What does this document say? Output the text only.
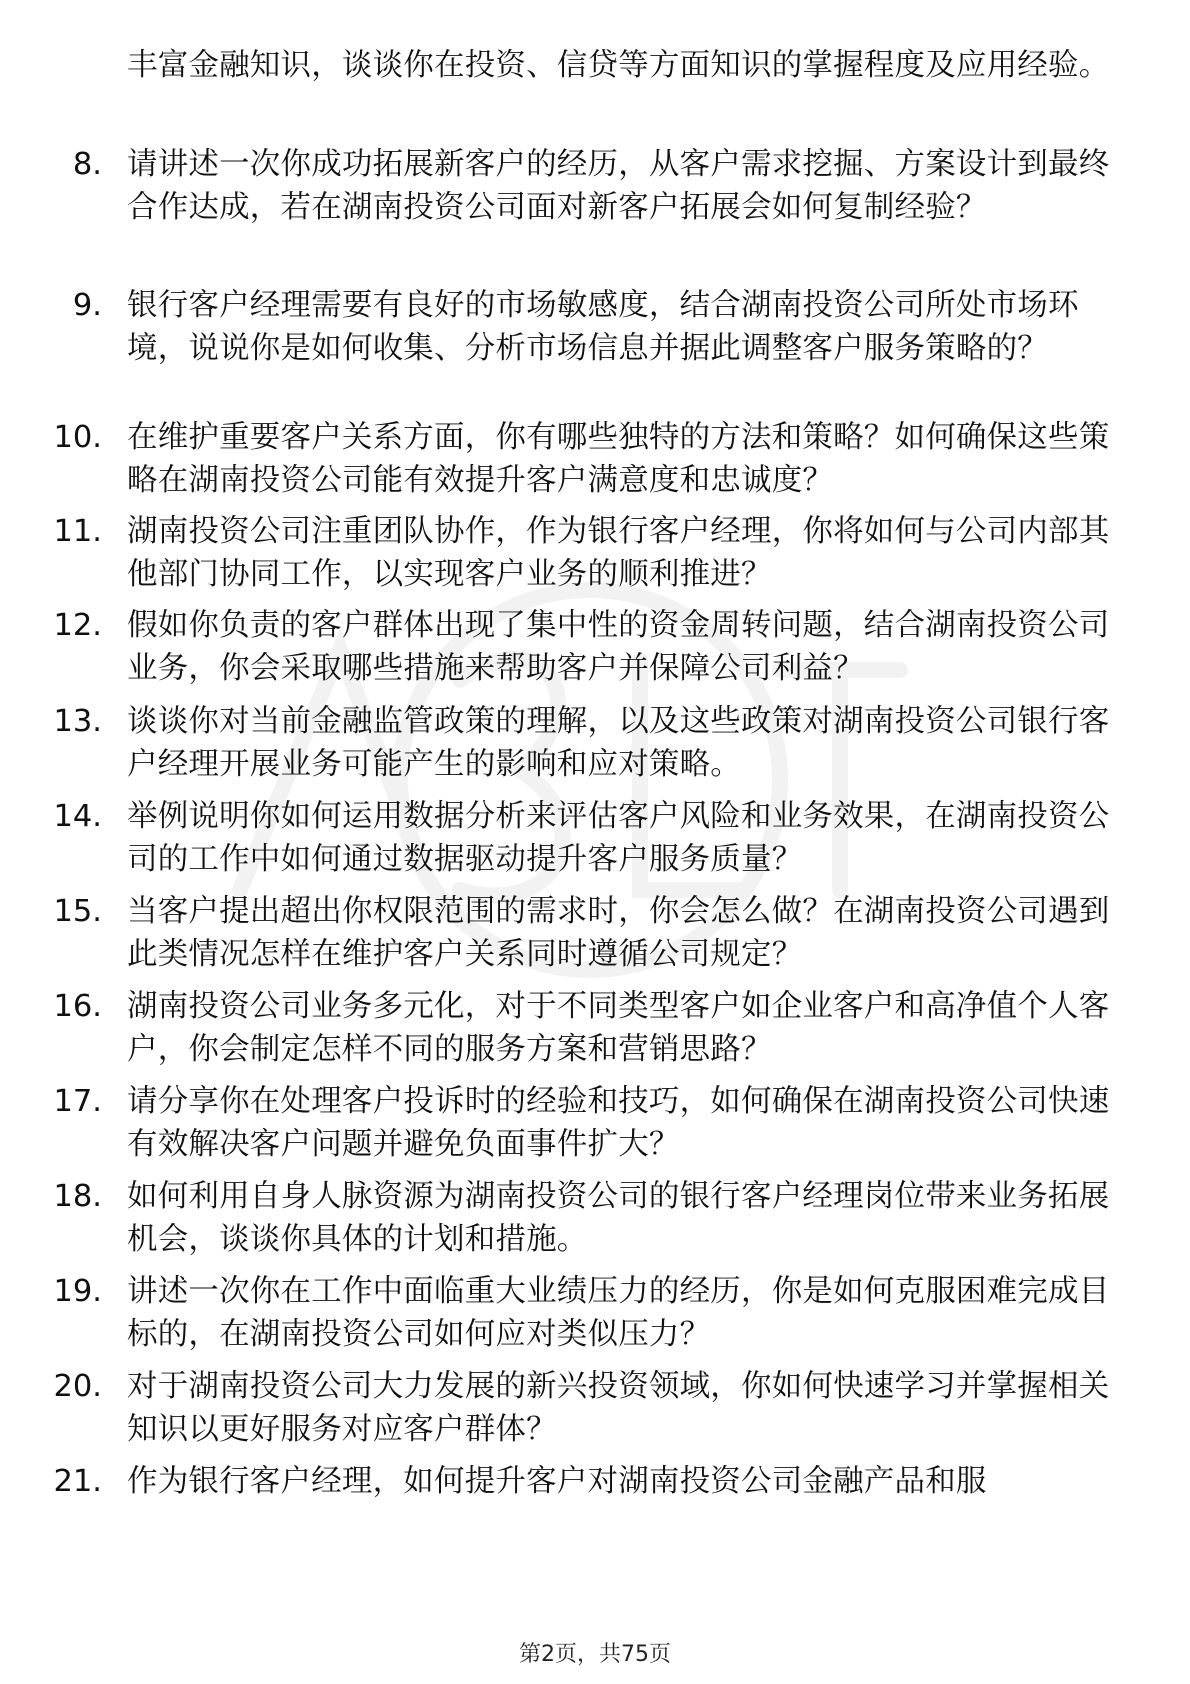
丰富金融知识，谈谈你在投资、信贷等方面知识的掌握程度及应用经验。
8. 请讲述一次你成功拓展新客户的经历，从客户需求挖掘、方案设计到最终合作达成，若在湖南投资公司面对新客户拓展会如何复制经验？
9. 银行客户经理需要有良好的市场敏感度，结合湖南投资公司所处市场环境，说说你是如何收集、分析市场信息并据此调整客户服务策略的？
10. 在维护重要客户关系方面，你有哪些独特的方法和策略？如何确保这些策略在湖南投资公司能有效提升客户满意度和忠诚度？
11. 湖南投资公司注重团队协作，作为银行客户经理，你将如何与公司内部其他部门协同工作，以实现客户业务的顺利推进？
12. 假如你负责的客户群体出现了集中性的资金周转问题，结合湖南投资公司业务，你会采取哪些措施来帮助客户并保障公司利益？
13. 谈谈你对当前金融监管政策的理解，以及这些政策对湖南投资公司银行客户经理开展业务可能产生的影响和应对策略。
14. 举例说明你如何运用数据分析来评估客户风险和业务效果，在湖南投资公司的工作中如何通过数据驱动提升客户服务质量？
15. 当客户提出超出你权限范围的需求时，你会怎么做？在湖南投资公司遇到此类情况怎样在维护客户关系同时遵循公司规定？
16. 湖南投资公司业务多元化，对于不同类型客户如企业客户和高净值个人客户，你会制定怎样不同的服务方案和营销思路？
17. 请分享你在处理客户投诉时的经验和技巧，如何确保在湖南投资公司快速有效解决客户问题并避免负面事件扩大？
18. 如何利用自身人脉资源为湖南投资公司的银行客户经理岗位带来业务拓展机会，谈谈你具体的计划和措施。
19. 讲述一次你在工作中面临重大业绩压力的经历，你是如何克服困难完成目标的，在湖南投资公司如何应对类似压力？
20. 对于湖南投资公司大力发展的新兴投资领域，你如何快速学习并掌握相关知识以更好服务对应客户群体？
21. 作为银行客户经理，如何提升客户对湖南投资公司金融产品和服
第2页，共75页
